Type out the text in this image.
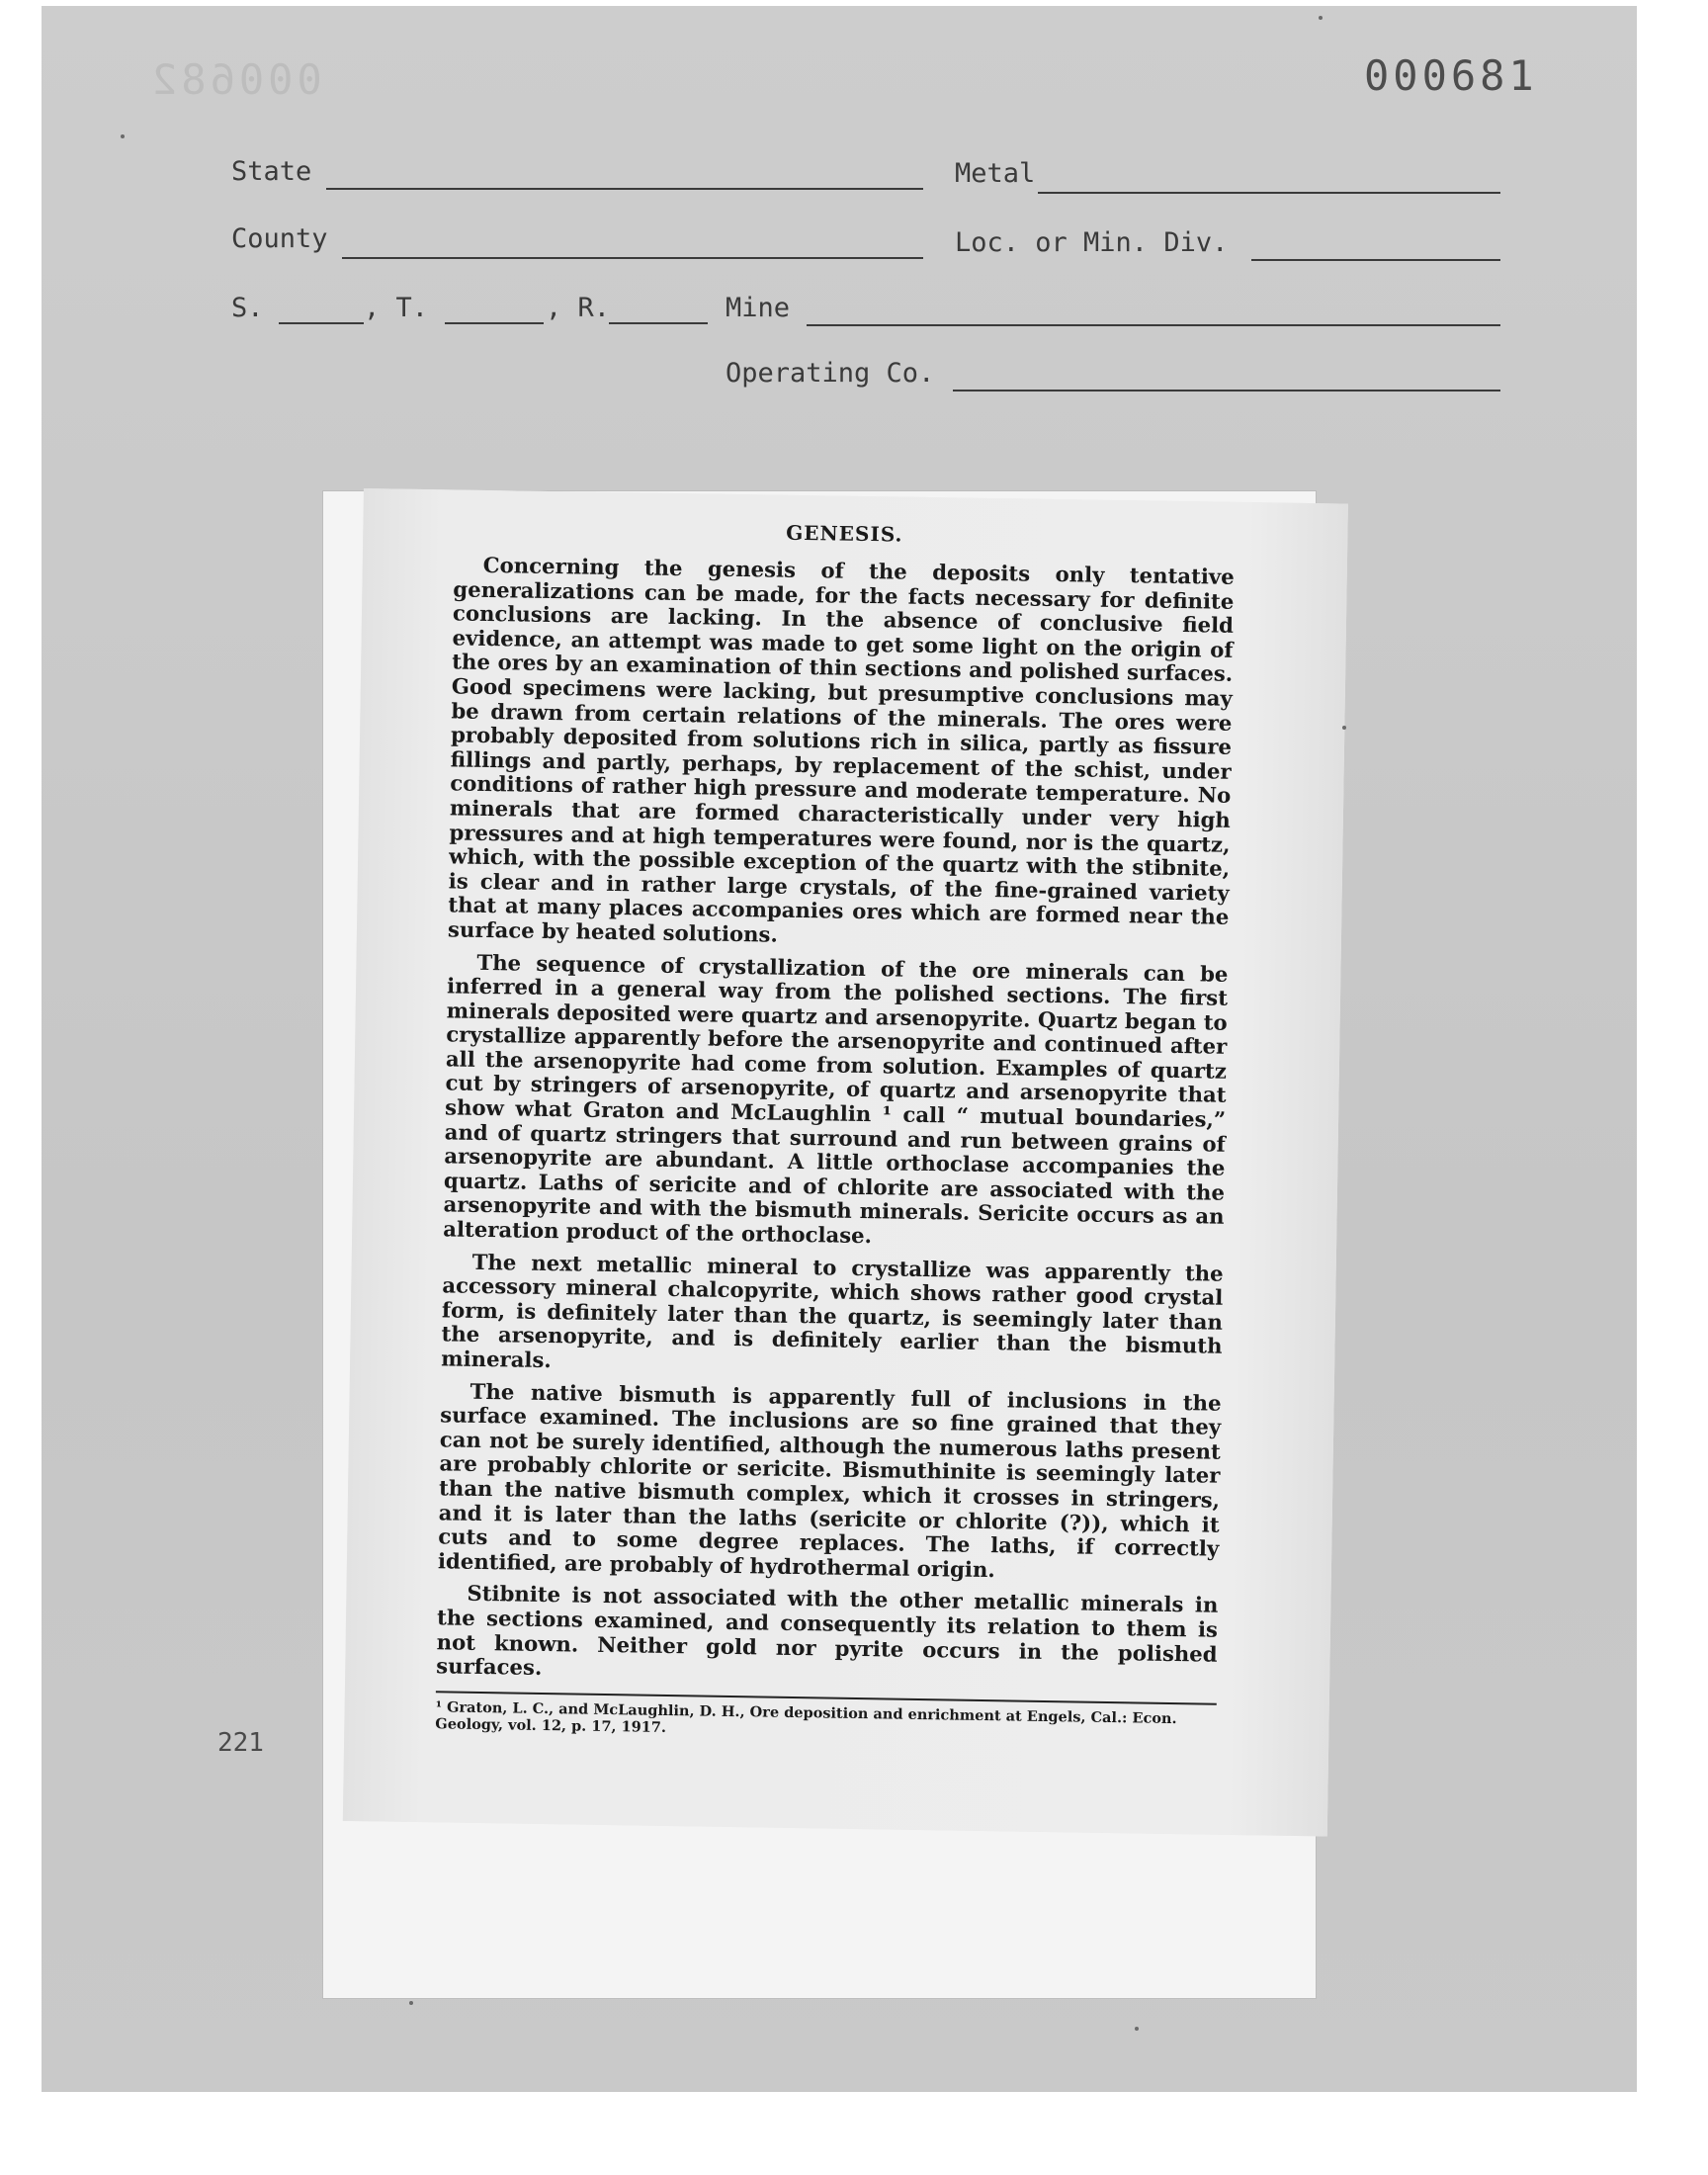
000682	000681
State	Metal
County	Loc. or Min. Div.
S.	, T.	, R.	Mine
Operating Co.
GENESIS.

Concerning the genesis of the deposits only tentative generalizations can be made, for the facts necessary for definite conclusions are lacking. In the absence of conclusive field evidence, an attempt was made to get some light on the origin of the ores by an examination of thin sections and polished surfaces. Good specimens were lacking, but presumptive conclusions may be drawn from certain relations of the minerals. The ores were probably deposited from solutions rich in silica, partly as fissure fillings and partly, perhaps, by replacement of the schist, under conditions of rather high pressure and moderate temperature. No minerals that are formed characteristically under very high pressures and at high temperatures were found, nor is the quartz, which, with the possible exception of the quartz with the stibnite, is clear and in rather large crystals, of the fine-grained variety that at many places accompanies ores which are formed near the surface by heated solutions.

The sequence of crystallization of the ore minerals can be inferred in a general way from the polished sections. The first minerals deposited were quartz and arsenopyrite. Quartz began to crystallize apparently before the arsenopyrite and continued after all the arsenopyrite had come from solution. Examples of quartz cut by stringers of arsenopyrite, of quartz and arsenopyrite that show what Graton and McLaughlin ¹ call “ mutual boundaries,” and of quartz stringers that surround and run between grains of arsenopyrite are abundant. A little orthoclase accompanies the quartz. Laths of sericite and of chlorite are associated with the arsenopyrite and with the bismuth minerals. Sericite occurs as an alteration product of the orthoclase.

The next metallic mineral to crystallize was apparently the accessory mineral chalcopyrite, which shows rather good crystal form, is definitely later than the quartz, is seemingly later than the arsenopyrite, and is definitely earlier than the bismuth minerals.

The native bismuth is apparently full of inclusions in the surface examined. The inclusions are so fine grained that they can not be surely identified, although the numerous laths present are probably chlorite or sericite. Bismuthinite is seemingly later than the native bismuth complex, which it crosses in stringers, and it is later than the laths (sericite or chlorite (?)), which it cuts and to some degree replaces. The laths, if correctly identified, are probably of hydrothermal origin.

Stibnite is not associated with the other metallic minerals in the sections examined, and consequently its relation to them is not known. Neither gold nor pyrite occurs in the polished surfaces.

¹ Graton, L. C., and McLaughlin, D. H., Ore deposition and enrichment at Engels, Cal.: Econ. Geology, vol. 12, p. 17, 1917.

221
